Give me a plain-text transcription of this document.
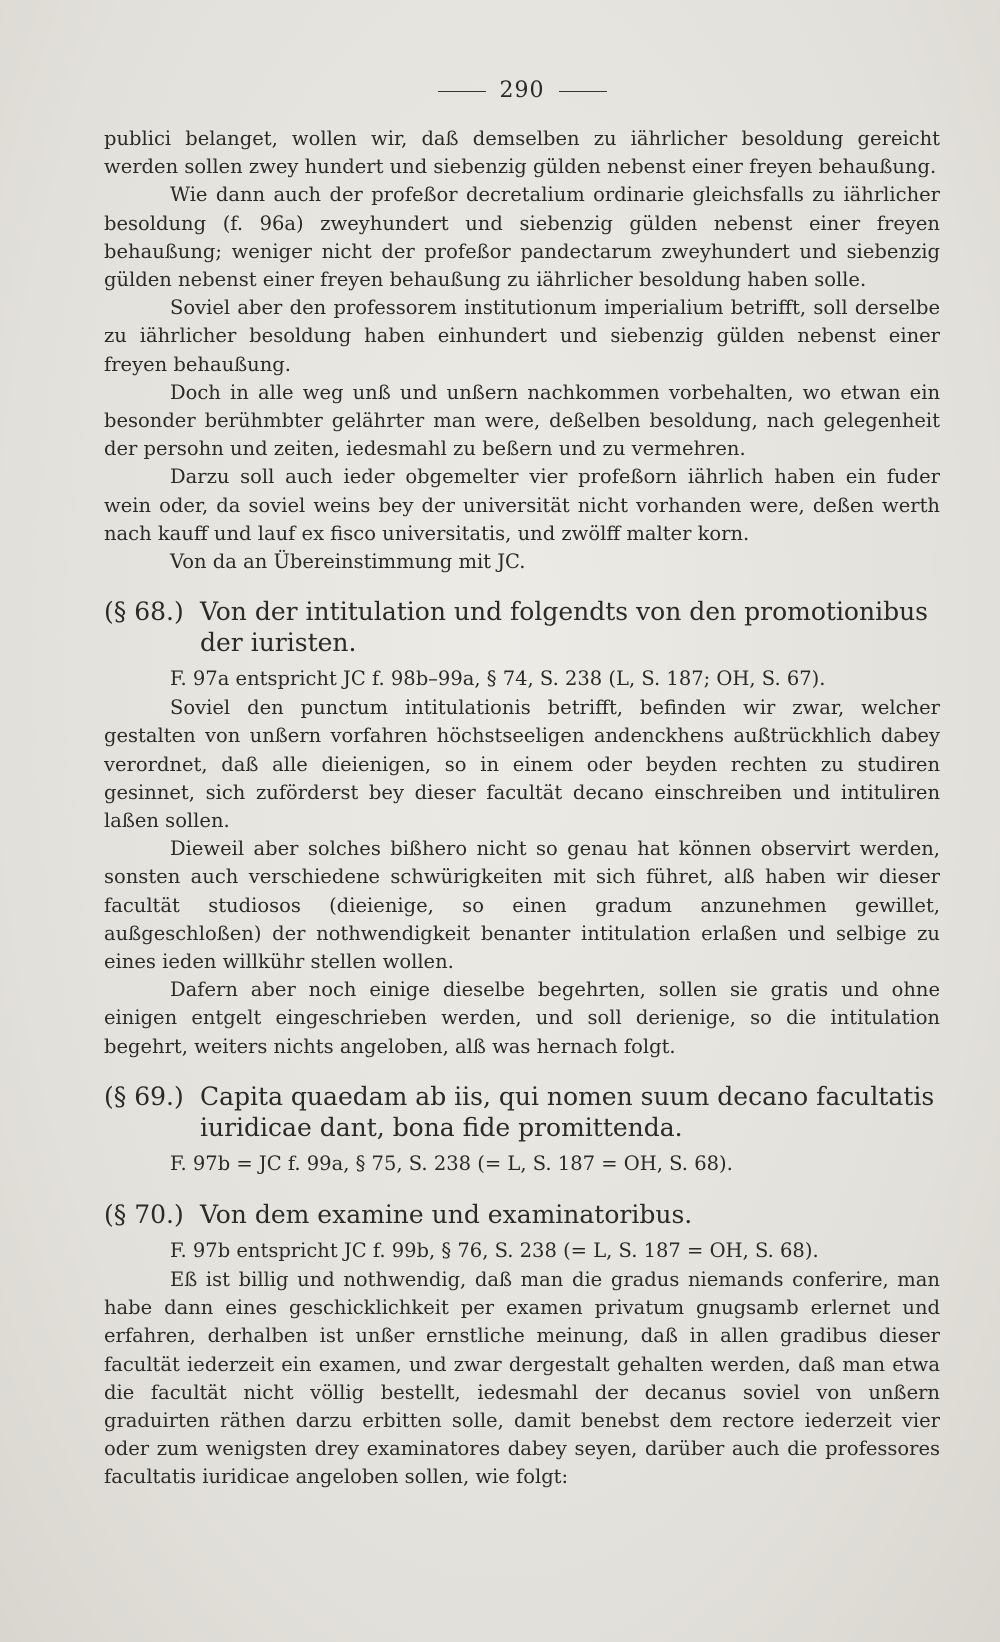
290

publici belanget, wollen wir, daß demselben zu iährlicher besoldung gereicht werden sollen zwey hundert und siebenzig gülden nebenst einer freyen behaußung.

Wie dann auch der profeßor decretalium ordinarie gleichsfalls zu iährlicher besoldung (f. 96a) zweyhundert und siebenzig gülden nebenst einer freyen behaußung; weniger nicht der profeßor pandectarum zweyhundert und siebenzig gülden nebenst einer freyen behaußung zu iährlicher besoldung haben solle.

Soviel aber den professorem institutionum imperialium betrifft, soll derselbe zu iährlicher besoldung haben einhundert und siebenzig gülden nebenst einer freyen behaußung.

Doch in alle weg unß und unßern nachkommen vorbehalten, wo etwan ein besonder berühmbter gelährter man were, deßelben besoldung, nach gelegenheit der persohn und zeiten, iedesmahl zu beßern und zu vermehren.

Darzu soll auch ieder obgemelter vier profeßorn iährlich haben ein fuder wein oder, da soviel weins bey der universität nicht vorhanden were, deßen werth nach kauff und lauf ex fisco universitatis, und zwölff malter korn.

Von da an Übereinstimmung mit JC.

(§ 68.) Von der intitulation und folgendts von den promotionibus der iuristen.
F. 97a entspricht JC f. 98b–99a, § 74, S. 238 (L, S. 187; OH, S. 67).

Soviel den punctum intitulationis betrifft, befinden wir zwar, welcher gestalten von unßern vorfahren höchstseeligen andenckhens außtrückhlich dabey verordnet, daß alle dieienigen, so in einem oder beyden rechten zu studiren gesinnet, sich zuförderst bey dieser facultät decano einschreiben und intituliren laßen sollen.

Dieweil aber solches bißhero nicht so genau hat können observirt werden, sonsten auch verschiedene schwürigkeiten mit sich führet, alß haben wir dieser facultät studiosos (dieienige, so einen gradum anzunehmen gewillet, außgeschloßen) der nothwendigkeit benanter intitulation erlaßen und selbige zu eines ieden willkühr stellen wollen.

Dafern aber noch einige dieselbe begehrten, sollen sie gratis und ohne einigen entgelt eingeschrieben werden, und soll derienige, so die intitulation begehrt, weiters nichts angeloben, alß was hernach folgt.

(§ 69.) Capita quaedam ab iis, qui nomen suum decano facultatis iuridicae dant, bona fide promittenda.
F. 97b = JC f. 99a, § 75, S. 238 (= L, S. 187 = OH, S. 68).
(§ 70.) Von dem examine und examinatoribus.
F. 97b entspricht JC f. 99b, § 76, S. 238 (= L, S. 187 = OH, S. 68).

Eß ist billig und nothwendig, daß man die gradus niemands conferire, man habe dann eines geschicklichkeit per examen privatum gnugsamb erlernet und erfahren, derhalben ist unßer ernstliche meinung, daß in allen gradibus dieser facultät iederzeit ein examen, und zwar dergestalt gehalten werden, daß man etwa die facultät nicht völlig bestellt, iedesmahl der decanus soviel von unßern graduirten räthen darzu erbitten solle, damit benebst dem rectore iederzeit vier oder zum wenigsten drey examinatores dabey seyen, darüber auch die professores facultatis iuridicae angeloben sollen, wie folgt:
